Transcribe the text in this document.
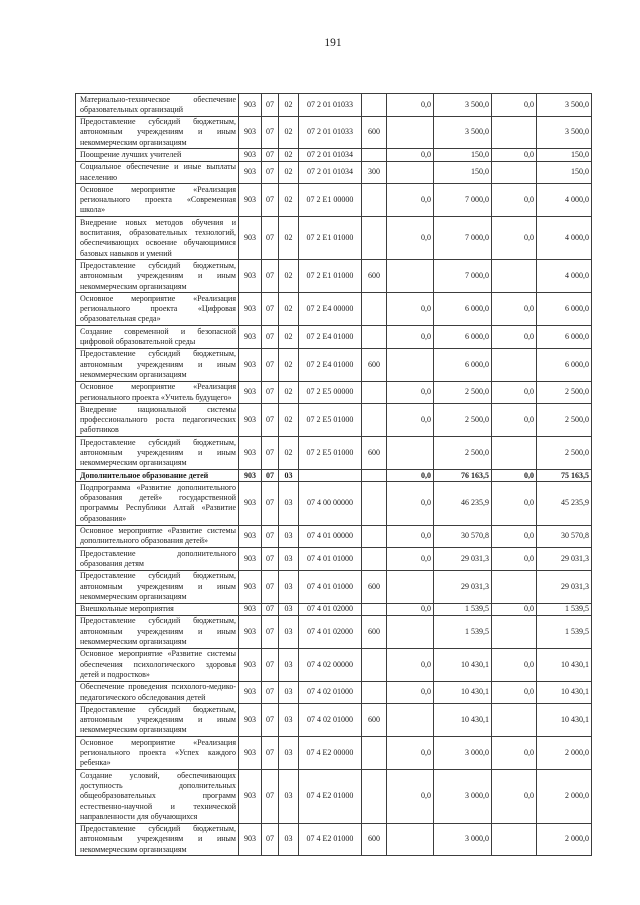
191
Материально-техническое обеспечение образовательных организаций	903	07	02	07 2 01 01033		0,0	3 500,0	0,0	3 500,0
Предоставление субсидий бюджетным, автономным учреждениям и иным некоммерческим организациям	903	07	02	07 2 01 01033	600		3 500,0		3 500,0
Поощрение лучших учителей	903	07	02	07 2 01 01034		0,0	150,0	0,0	150,0
Социальное обеспечение и иные выплаты населению	903	07	02	07 2 01 01034	300		150,0		150,0
Основное мероприятие «Реализация регионального проекта «Современная школа»	903	07	02	07 2 Е1 00000		0,0	7 000,0	0,0	4 000,0
Внедрение новых методов обучения и воспитания, образовательных технологий, обеспечивающих освоение обучающимися базовых навыков и умений	903	07	02	07 2 Е1 01000		0,0	7 000,0	0,0	4 000,0
Предоставление субсидий бюджетным, автономным учреждениям и иным некоммерческим организациям	903	07	02	07 2 Е1 01000	600		7 000,0		4 000,0
Основное мероприятие «Реализация регионального проекта «Цифровая образовательная среда»	903	07	02	07 2 Е4 00000		0,0	6 000,0	0,0	6 000,0
Создание современной и безопасной цифровой образовательной среды	903	07	02	07 2 Е4 01000		0,0	6 000,0	0,0	6 000,0
Предоставление субсидий бюджетным, автономным учреждениям и иным некоммерческим организациям	903	07	02	07 2 Е4 01000	600		6 000,0		6 000,0
Основное мероприятие «Реализация регионального проекта «Учитель будущего»	903	07	02	07 2 Е5 00000		0,0	2 500,0	0,0	2 500,0
Внедрение национальной системы профессионального роста педагогических работников	903	07	02	07 2 Е5 01000		0,0	2 500,0	0,0	2 500,0
Предоставление субсидий бюджетным, автономным учреждениям и иным некоммерческим организациям	903	07	02	07 2 Е5 01000	600		2 500,0		2 500,0
Дополнительное образование детей	903	07	03			0,0	76 163,5	0,0	75 163,5
Подпрограмма «Развитие дополнительного образования детей» государственной программы Республики Алтай «Развитие образования»	903	07	03	07 4 00 00000		0,0	46 235,9	0,0	45 235,9
Основное мероприятие «Развитие системы дополнительного образования детей»	903	07	03	07 4 01 00000		0,0	30 570,8	0,0	30 570,8
Предоставление дополнительного образования детям	903	07	03	07 4 01 01000		0,0	29 031,3	0,0	29 031,3
Предоставление субсидий бюджетным, автономным учреждениям и иным некоммерческим организациям	903	07	03	07 4 01 01000	600		29 031,3		29 031,3
Внешкольные мероприятия	903	07	03	07 4 01 02000		0,0	1 539,5	0,0	1 539,5
Предоставление субсидий бюджетным, автономным учреждениям и иным некоммерческим организациям	903	07	03	07 4 01 02000	600		1 539,5		1 539,5
Основное мероприятие «Развитие системы обеспечения психологического здоровья детей и подростков»	903	07	03	07 4 02 00000		0,0	10 430,1	0,0	10 430,1
Обеспечение проведения психолого-медико-педагогического обследования детей	903	07	03	07 4 02 01000		0,0	10 430,1	0,0	10 430,1
Предоставление субсидий бюджетным, автономным учреждениям и иным некоммерческим организациям	903	07	03	07 4 02 01000	600		10 430,1		10 430,1
Основное мероприятие «Реализация регионального проекта «Успех каждого ребенка»	903	07	03	07 4 Е2 00000		0,0	3 000,0	0,0	2 000,0
Создание условий, обеспечивающих доступность дополнительных общеобразовательных программ естественно-научной и технической направленности для обучающихся	903	07	03	07 4 Е2 01000		0,0	3 000,0	0,0	2 000,0
Предоставление субсидий бюджетным, автономным учреждениям и иным некоммерческим организациям	903	07	03	07 4 Е2 01000	600		3 000,0		2 000,0
